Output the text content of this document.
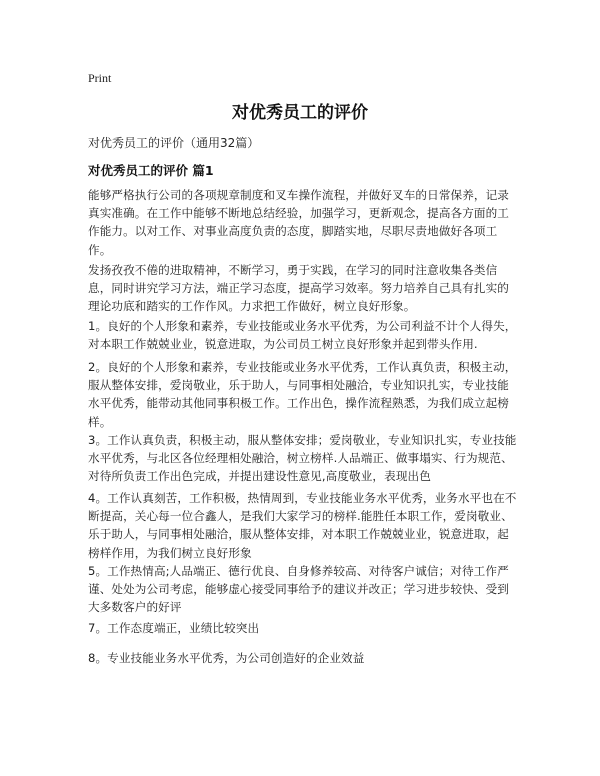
Print
对优秀员工的评价
对优秀员工的评价（通用32篇）
对优秀员工的评价 篇1

能够严格执行公司的各项规章制度和叉车操作流程，并做好叉车的日常保养，记录真实准确。在工作中能够不断地总结经验，加强学习，更新观念，提高各方面的工作能力。以对工作、对事业高度负责的态度，脚踏实地，尽职尽责地做好各项工作。

发扬孜孜不倦的进取精神，不断学习，勇于实践，在学习的同时注意收集各类信息，同时讲究学习方法，端正学习态度，提高学习效率。努力培养自己具有扎实的理论功底和踏实的工作作风。力求把工作做好，树立良好形象。

1。良好的个人形象和素养，专业技能或业务水平优秀，为公司利益不计个人得失，对本职工作兢兢业业，锐意进取，为公司员工树立良好形象并起到带头作用.

2。良好的个人形象和素养，专业技能或业务水平优秀，工作认真负责，积极主动，服从整体安排，爱岗敬业，乐于助人，与同事相处融洽，专业知识扎实，专业技能水平优秀，能带动其他同事积极工作。工作出色，操作流程熟悉，为我们成立起榜样。

3。工作认真负责，积极主动，服从整体安排；爱岗敬业，专业知识扎实，专业技能水平优秀，与北区各位经理相处融洽，树立榜样.人品端正、做事塌实、行为规范、对待所负责工作出色完成，并提出建设性意见,高度敬业，表现出色

4。工作认真刻苦，工作积极，热情周到，专业技能业务水平优秀，业务水平也在不断提高，关心每一位合鑫人，是我们大家学习的榜样.能胜任本职工作，爱岗敬业、乐于助人，与同事相处融洽，服从整体安排，对本职工作兢兢业业，锐意进取，起榜样作用，为我们树立良好形象

5。工作热情高;人品端正、德行优良、自身修养较高、对待客户诚信；对待工作严谨、处处为公司考虑，能够虚心接受同事给予的建议并改正；学习进步较快、受到大多数客户的好评

7。工作态度端正，业绩比较突出

8。专业技能业务水平优秀，为公司创造好的企业效益
